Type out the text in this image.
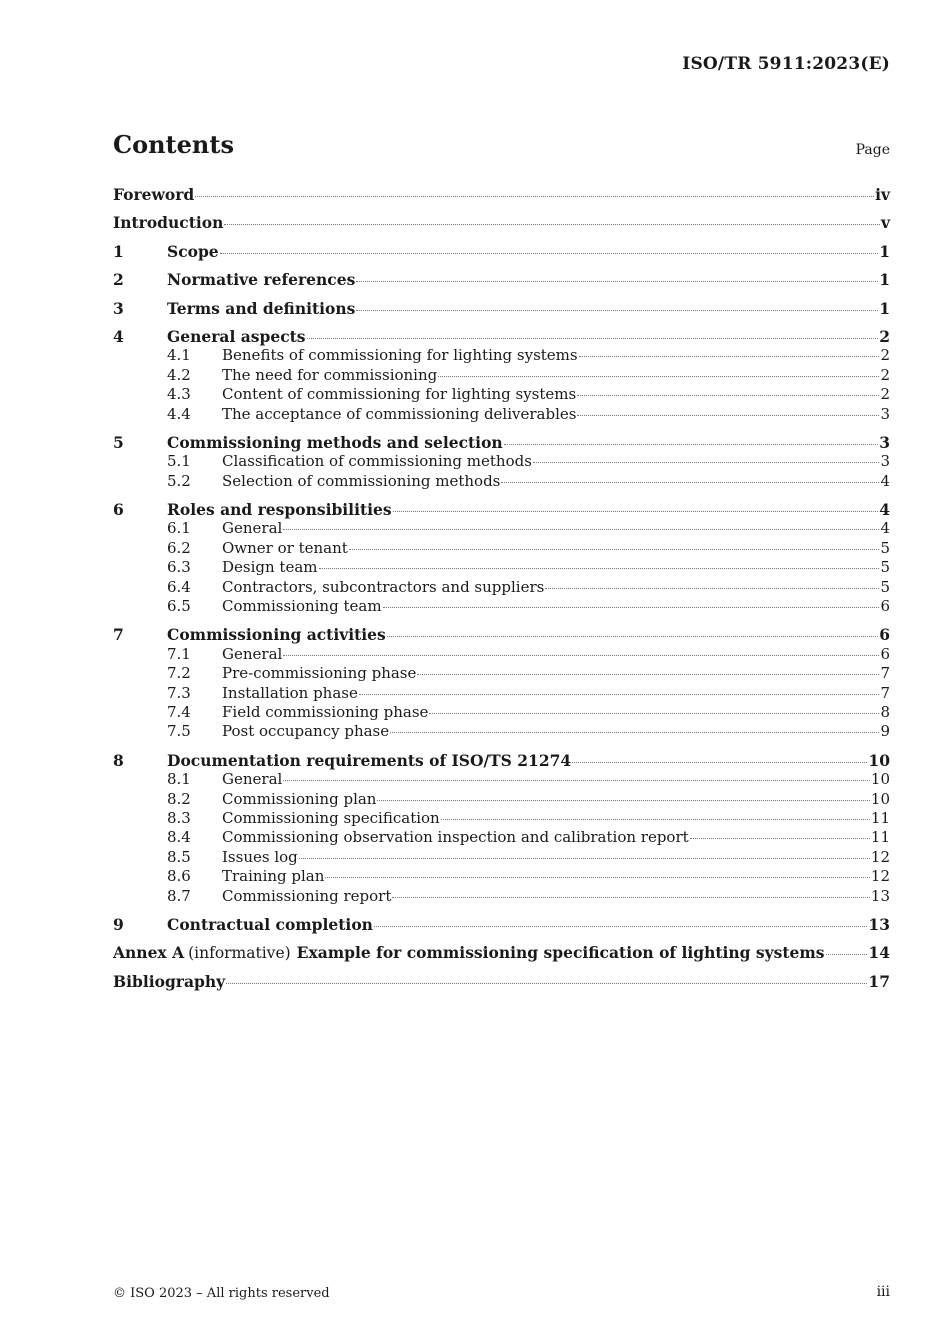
ISO/TR 5911:2023(E)
Contents	Page
Foreword	iv
Introduction	v
1	Scope	1
2	Normative references	1
3	Terms and definitions	1
4	General aspects	2
4.1	Benefits of commissioning for lighting systems	2
4.2	The need for commissioning	2
4.3	Content of commissioning for lighting systems	2
4.4	The acceptance of commissioning deliverables	3
5	Commissioning methods and selection	3
5.1	Classification of commissioning methods	3
5.2	Selection of commissioning methods	4
6	Roles and responsibilities	4
6.1	General	4
6.2	Owner or tenant	5
6.3	Design team	5
6.4	Contractors, subcontractors and suppliers	5
6.5	Commissioning team	6
7	Commissioning activities	6
7.1	General	6
7.2	Pre-commissioning phase	7
7.3	Installation phase	7
7.4	Field commissioning phase	8
7.5	Post occupancy phase	9
8	Documentation requirements of ISO/TS 21274	10
8.1	General	10
8.2	Commissioning plan	10
8.3	Commissioning specification	11
8.4	Commissioning observation inspection and calibration report	11
8.5	Issues log	12
8.6	Training plan	12
8.7	Commissioning report	13
9	Contractual completion	13
Annex A (informative) Example for commissioning specification of lighting systems	14
Bibliography	17
© ISO 2023 – All rights reserved	iii
